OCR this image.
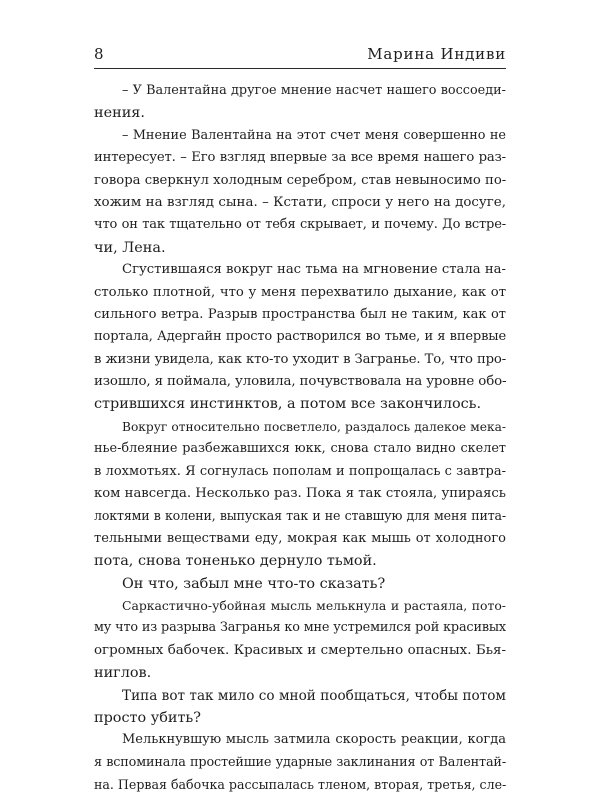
8	Марина Индиви
– У Валентайна другое мнение насчет нашего воссоеди-
нения.
– Мнение Валентайна на этот счет меня совершенно не
интересует. – Его взгляд впервые за все время нашего раз-
говора сверкнул холодным серебром, став невыносимо по-
хожим на взгляд сына. – Кстати, спроси у него на досуге,
что он так тщательно от тебя скрывает, и почему. До встре-
чи, Лена.
Сгустившаяся вокруг нас тьма на мгновение стала на-
столько плотной, что у меня перехватило дыхание, как от
сильного ветра. Разрыв пространства был не таким, как от
портала, Адергайн просто растворился во тьме, и я впервые
в жизни увидела, как кто-то уходит в Загранье. То, что про-
изошло, я поймала, уловила, почувствовала на уровне обо-
стрившихся инстинктов, а потом все закончилось.
Вокруг относительно посветлело, раздалось далекое мека-
нье-блеяние разбежавшихся юкк, снова стало видно скелет
в лохмотьях. Я согнулась пополам и попрощалась с завтра-
ком навсегда. Несколько раз. Пока я так стояла, упираясь
локтями в колени, выпуская так и не ставшую для меня пита-
тельными веществами еду, мокрая как мышь от холодного
пота, снова тоненько дернуло тьмой.
Он что, забыл мне что-то сказать?
Саркастично-убойная мысль мелькнула и растаяла, пото-
му что из разрыва Загранья ко мне устремился рой красивых
огромных бабочек. Красивых и смертельно опасных. Бья-
ниглов.
Типа вот так мило со мной пообщаться, чтобы потом
просто убить?
Мелькнувшую мысль затмила скорость реакции, когда
я вспоминала простейшие ударные заклинания от Валентай-
на. Первая бабочка рассыпалась тленом, вторая, третья, сле-
